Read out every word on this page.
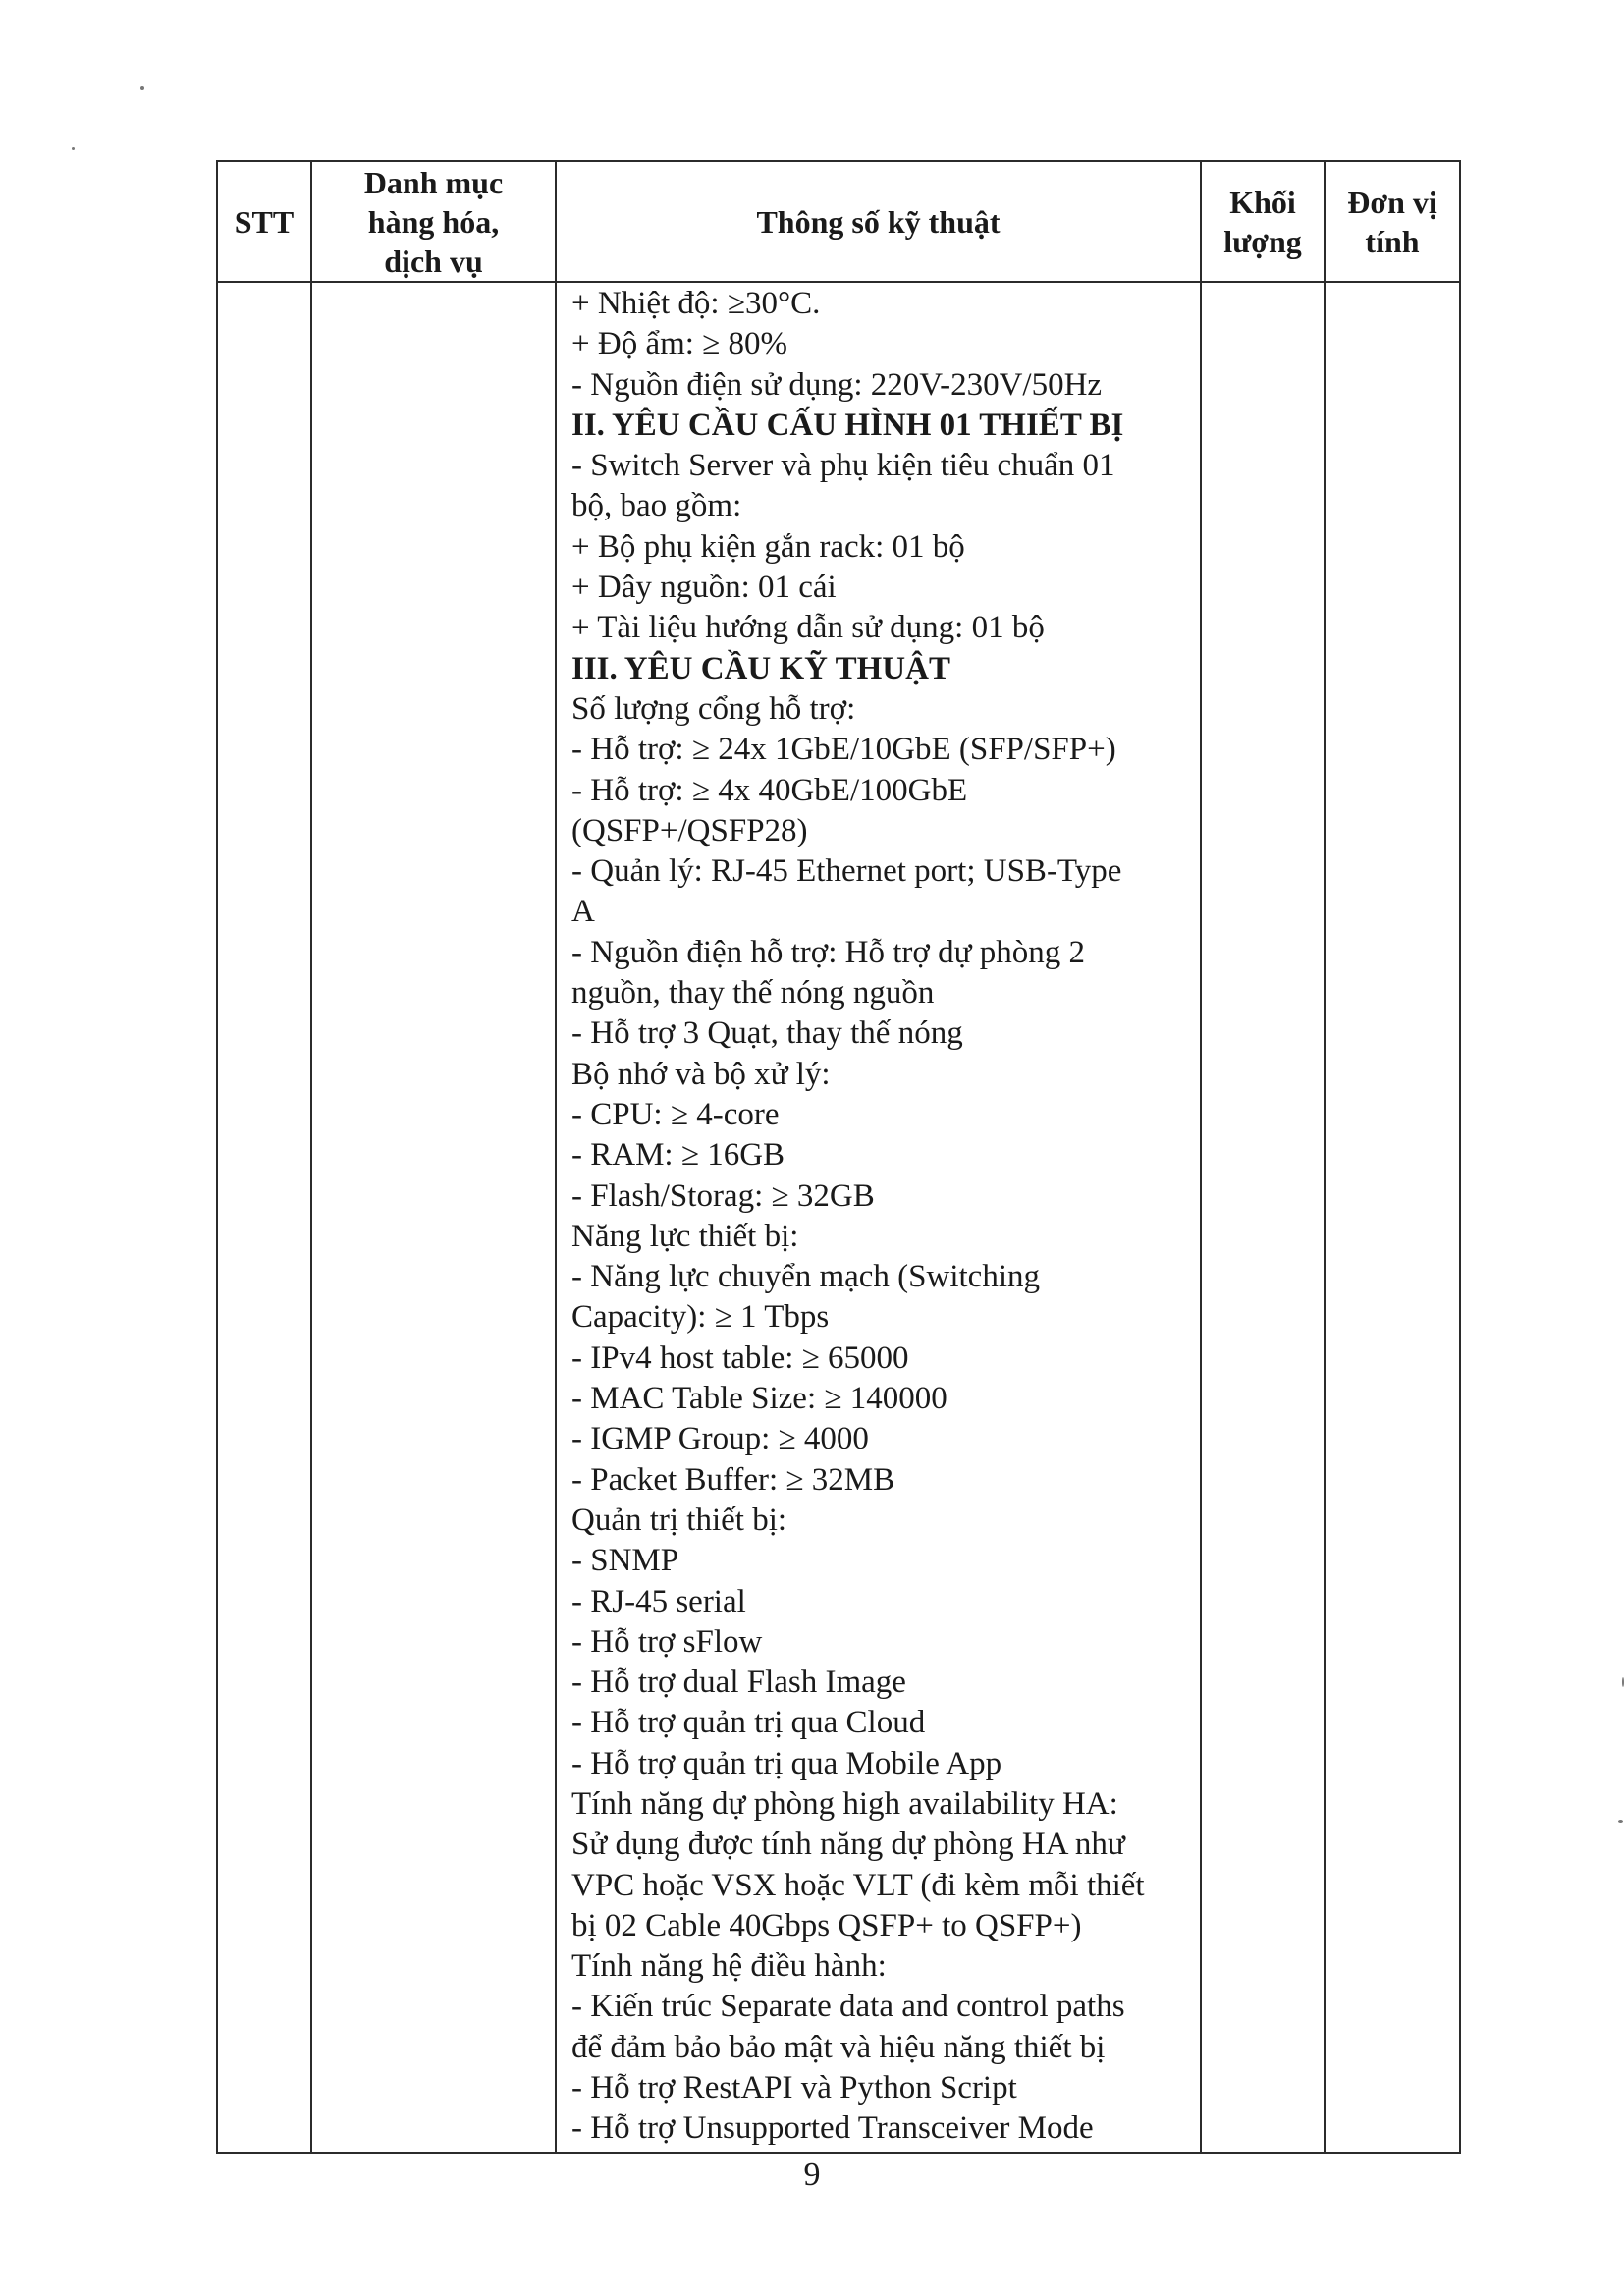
STT
Danh mục
hàng hóa,
dịch vụ
Thông số kỹ thuật
Khối
lượng
Đơn vị
tính
+ Nhiệt độ: ≥30°C.
+ Độ ẩm: ≥ 80%
- Nguồn điện sử dụng: 220V-230V/50Hz
II. YÊU CẦU CẤU HÌNH 01 THIẾT BỊ
- Switch Server và phụ kiện tiêu chuẩn 01
bộ, bao gồm:
+ Bộ phụ kiện gắn rack: 01 bộ
+ Dây nguồn: 01 cái
+ Tài liệu hướng dẫn sử dụng: 01 bộ
III. YÊU CẦU KỸ THUẬT
Số lượng cổng hỗ trợ:
- Hỗ trợ: ≥ 24x 1GbE/10GbE (SFP/SFP+)
- Hỗ trợ: ≥ 4x 40GbE/100GbE
(QSFP+/QSFP28)
- Quản lý: RJ-45 Ethernet port; USB-Type
A
- Nguồn điện hỗ trợ: Hỗ trợ dự phòng 2
nguồn, thay thế nóng nguồn
- Hỗ trợ 3 Quạt, thay thế nóng
Bộ nhớ và bộ xử lý:
- CPU: ≥ 4-core
- RAM: ≥ 16GB
- Flash/Storag: ≥ 32GB
Năng lực thiết bị:
- Năng lực chuyển mạch (Switching
Capacity): ≥ 1 Tbps
- IPv4 host table: ≥ 65000
- MAC Table Size: ≥ 140000
- IGMP Group: ≥ 4000
- Packet Buffer: ≥ 32MB
Quản trị thiết bị:
- SNMP
- RJ-45 serial
- Hỗ trợ sFlow
- Hỗ trợ dual Flash Image
- Hỗ trợ quản trị qua Cloud
- Hỗ trợ quản trị qua Mobile App
Tính năng dự phòng high availability HA:
Sử dụng được tính năng dự phòng HA như
VPC hoặc VSX hoặc VLT (đi kèm mỗi thiết
bị 02 Cable 40Gbps QSFP+ to QSFP+)
Tính năng hệ điều hành:
- Kiến trúc Separate data and control paths
để đảm bảo bảo mật và hiệu năng thiết bị
- Hỗ trợ RestAPI và Python Script
- Hỗ trợ Unsupported Transceiver Mode
9
